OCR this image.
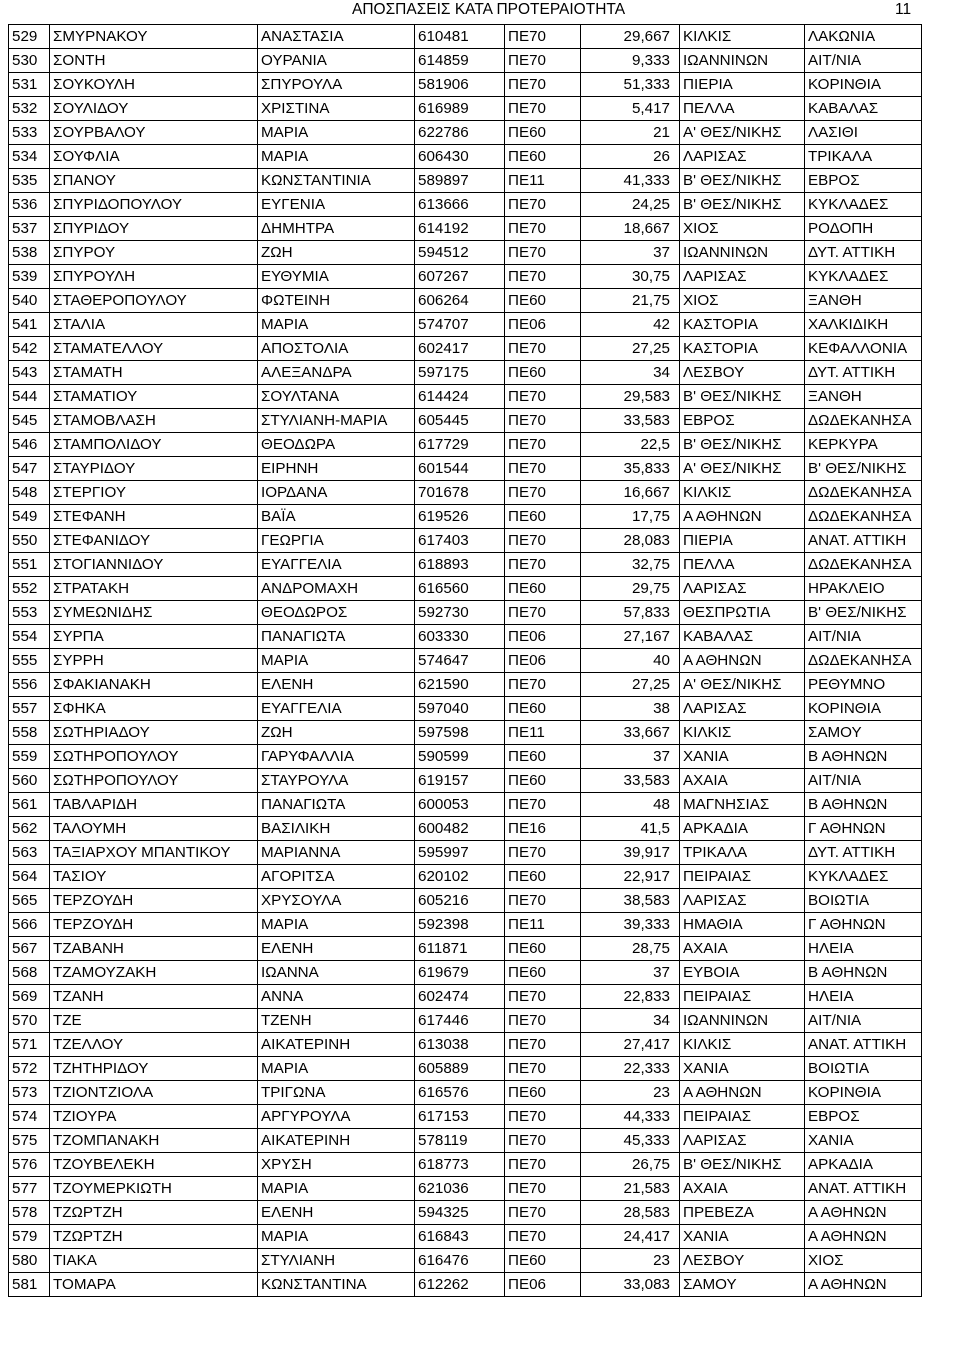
ΑΠΟΣΠΑΣΕΙΣ ΚΑΤΑ ΠΡΟΤΕΡΑΙΟΤΗΤΑ	11
529	ΣΜΥΡΝΑΚΟΥ	ΑΝΑΣΤΑΣΙΑ	610481	ΠΕ70	29,667	ΚΙΛΚΙΣ	ΛΑΚΩΝΙΑ
530	ΣΟΝΤΗ	ΟΥΡΑΝΙΑ	614859	ΠΕ70	9,333	ΙΩΑΝΝΙΝΩΝ	ΑΙΤ/ΝΙΑ
531	ΣΟΥΚΟΥΛΗ	ΣΠΥΡΟΥΛΑ	581906	ΠΕ70	51,333	ΠΙΕΡΙΑ	ΚΟΡΙΝΘΙΑ
532	ΣΟΥΛΙΔΟΥ	ΧΡΙΣΤΙΝΑ	616989	ΠΕ70	5,417	ΠΕΛΛΑ	ΚΑΒΑΛΑΣ
533	ΣΟΥΡΒΑΛΟΥ	ΜΑΡΙΑ	622786	ΠΕ60	21	Α' ΘΕΣ/ΝΙΚΗΣ	ΛΑΣΙΘΙ
534	ΣΟΥΦΛΙΑ	ΜΑΡΙΑ	606430	ΠΕ60	26	ΛΑΡΙΣΑΣ	ΤΡΙΚΑΛΑ
535	ΣΠΑΝΟΥ	ΚΩΝΣΤΑΝΤΙΝΙΑ	589897	ΠΕ11	41,333	Β' ΘΕΣ/ΝΙΚΗΣ	ΕΒΡΟΣ
536	ΣΠΥΡΙΔΟΠΟΥΛΟΥ	ΕΥΓΕΝΙΑ	613666	ΠΕ70	24,25	Β' ΘΕΣ/ΝΙΚΗΣ	ΚΥΚΛΑΔΕΣ
537	ΣΠΥΡΙΔΟΥ	ΔΗΜΗΤΡΑ	614192	ΠΕ70	18,667	ΧΙΟΣ	ΡΟΔΟΠΗ
538	ΣΠΥΡΟΥ	ΖΩΗ	594512	ΠΕ70	37	ΙΩΑΝΝΙΝΩΝ	ΔΥΤ. ΑΤΤΙΚΗ
539	ΣΠΥΡΟΥΛΗ	ΕΥΘΥΜΙΑ	607267	ΠΕ70	30,75	ΛΑΡΙΣΑΣ	ΚΥΚΛΑΔΕΣ
540	ΣΤΑΘΕΡΟΠΟΥΛΟΥ	ΦΩΤΕΙΝΗ	606264	ΠΕ60	21,75	ΧΙΟΣ	ΞΑΝΘΗ
541	ΣΤΑΛΙΑ	ΜΑΡΙΑ	574707	ΠΕ06	42	ΚΑΣΤΟΡΙΑ	ΧΑΛΚΙΔΙΚΗ
542	ΣΤΑΜΑΤΕΛΛΟΥ	ΑΠΟΣΤΟΛΙΑ	602417	ΠΕ70	27,25	ΚΑΣΤΟΡΙΑ	ΚΕΦΑΛΛΟΝΙΑ
543	ΣΤΑΜΑΤΗ	ΑΛΕΞΑΝΔΡΑ	597175	ΠΕ60	34	ΛΕΣΒΟΥ	ΔΥΤ. ΑΤΤΙΚΗ
544	ΣΤΑΜΑΤΙΟΥ	ΣΟΥΛΤΑΝΑ	614424	ΠΕ70	29,583	Β' ΘΕΣ/ΝΙΚΗΣ	ΞΑΝΘΗ
545	ΣΤΑΜΟΒΛΑΣΗ	ΣΤΥΛΙΑΝΗ-ΜΑΡΙΑ	605445	ΠΕ70	33,583	ΕΒΡΟΣ	ΔΩΔΕΚΑΝΗΣΑ
546	ΣΤΑΜΠΟΛΙΔΟΥ	ΘΕΟΔΩΡΑ	617729	ΠΕ70	22,5	Β' ΘΕΣ/ΝΙΚΗΣ	ΚΕΡΚΥΡΑ
547	ΣΤΑΥΡΙΔΟΥ	ΕΙΡΗΝΗ	601544	ΠΕ70	35,833	Α' ΘΕΣ/ΝΙΚΗΣ	Β' ΘΕΣ/ΝΙΚΗΣ
548	ΣΤΕΡΓΙΟΥ	ΙΟΡΔΑΝΑ	701678	ΠΕ70	16,667	ΚΙΛΚΙΣ	ΔΩΔΕΚΑΝΗΣΑ
549	ΣΤΕΦΑΝΗ	ΒΑΪΑ	619526	ΠΕ60	17,75	Α ΑΘΗΝΩΝ	ΔΩΔΕΚΑΝΗΣΑ
550	ΣΤΕΦΑΝΙΔΟΥ	ΓΕΩΡΓΙΑ	617403	ΠΕ70	28,083	ΠΙΕΡΙΑ	ΑΝΑΤ. ΑΤΤΙΚΗ
551	ΣΤΟΓΙΑΝΝΙΔΟΥ	ΕΥΑΓΓΕΛΙΑ	618893	ΠΕ70	32,75	ΠΕΛΛΑ	ΔΩΔΕΚΑΝΗΣΑ
552	ΣΤΡΑΤΑΚΗ	ΑΝΔΡΟΜΑΧΗ	616560	ΠΕ60	29,75	ΛΑΡΙΣΑΣ	ΗΡΑΚΛΕΙΟ
553	ΣΥΜΕΩΝΙΔΗΣ	ΘΕΟΔΩΡΟΣ	592730	ΠΕ70	57,833	ΘΕΣΠΡΩΤΙΑ	Β' ΘΕΣ/ΝΙΚΗΣ
554	ΣΥΡΠΑ	ΠΑΝΑΓΙΩΤΑ	603330	ΠΕ06	27,167	ΚΑΒΑΛΑΣ	ΑΙΤ/ΝΙΑ
555	ΣΥΡΡΗ	ΜΑΡΙΑ	574647	ΠΕ06	40	Α ΑΘΗΝΩΝ	ΔΩΔΕΚΑΝΗΣΑ
556	ΣΦΑΚΙΑΝΑΚΗ	ΕΛΕΝΗ	621590	ΠΕ70	27,25	Α' ΘΕΣ/ΝΙΚΗΣ	ΡΕΘΥΜΝΟ
557	ΣΦΗΚΑ	ΕΥΑΓΓΕΛΙΑ	597040	ΠΕ60	38	ΛΑΡΙΣΑΣ	ΚΟΡΙΝΘΙΑ
558	ΣΩΤΗΡΙΑΔΟΥ	ΖΩΗ	597598	ΠΕ11	33,667	ΚΙΛΚΙΣ	ΣΑΜΟΥ
559	ΣΩΤΗΡΟΠΟΥΛΟΥ	ΓΑΡΥΦΑΛΛΙΑ	590599	ΠΕ60	37	ΧΑΝΙΑ	Β ΑΘΗΝΩΝ
560	ΣΩΤΗΡΟΠΟΥΛΟΥ	ΣΤΑΥΡΟΥΛΑ	619157	ΠΕ60	33,583	ΑΧΑΙΑ	ΑΙΤ/ΝΙΑ
561	ΤΑΒΛΑΡΙΔΗ	ΠΑΝΑΓΙΩΤΑ	600053	ΠΕ70	48	ΜΑΓΝΗΣΙΑΣ	Β ΑΘΗΝΩΝ
562	ΤΑΛΟΥΜΗ	ΒΑΣΙΛΙΚΗ	600482	ΠΕ16	41,5	ΑΡΚΑΔΙΑ	Γ ΑΘΗΝΩΝ
563	ΤΑΞΙΑΡΧΟΥ ΜΠΑΝΤΙΚΟΥ	ΜΑΡΙΑΝΝΑ	595997	ΠΕ70	39,917	ΤΡΙΚΑΛΑ	ΔΥΤ. ΑΤΤΙΚΗ
564	ΤΑΣΙΟΥ	ΑΓΟΡΙΤΣΑ	620102	ΠΕ60	22,917	ΠΕΙΡΑΙΑΣ	ΚΥΚΛΑΔΕΣ
565	ΤΕΡΖΟΥΔΗ	ΧΡΥΣΟΥΛΑ	605216	ΠΕ70	38,583	ΛΑΡΙΣΑΣ	ΒΟΙΩΤΙΑ
566	ΤΕΡΖΟΥΔΗ	ΜΑΡΙΑ	592398	ΠΕ11	39,333	ΗΜΑΘΙΑ	Γ ΑΘΗΝΩΝ
567	ΤΖΑΒΑΝΗ	ΕΛΕΝΗ	611871	ΠΕ60	28,75	ΑΧΑΙΑ	ΗΛΕΙΑ
568	ΤΖΑΜΟΥΖΑΚΗ	ΙΩΑΝΝΑ	619679	ΠΕ60	37	ΕΥΒΟΙΑ	Β ΑΘΗΝΩΝ
569	ΤΖΑΝΗ	ΑΝΝΑ	602474	ΠΕ70	22,833	ΠΕΙΡΑΙΑΣ	ΗΛΕΙΑ
570	ΤΖΕ	ΤΖΕΝΗ	617446	ΠΕ70	34	ΙΩΑΝΝΙΝΩΝ	ΑΙΤ/ΝΙΑ
571	ΤΖΕΛΛΟΥ	ΑΙΚΑΤΕΡΙΝΗ	613038	ΠΕ70	27,417	ΚΙΛΚΙΣ	ΑΝΑΤ. ΑΤΤΙΚΗ
572	ΤΖΗΤΗΡΙΔΟΥ	ΜΑΡΙΑ	605889	ΠΕ70	22,333	ΧΑΝΙΑ	ΒΟΙΩΤΙΑ
573	ΤΖΙΟΝΤΖΙΟΛΑ	ΤΡΙΓΩΝΑ	616576	ΠΕ60	23	Α ΑΘΗΝΩΝ	ΚΟΡΙΝΘΙΑ
574	ΤΖΙΟΥΡΑ	ΑΡΓΥΡΟΥΛΑ	617153	ΠΕ70	44,333	ΠΕΙΡΑΙΑΣ	ΕΒΡΟΣ
575	ΤΖΟΜΠΑΝΑΚΗ	ΑΙΚΑΤΕΡΙΝΗ	578119	ΠΕ70	45,333	ΛΑΡΙΣΑΣ	ΧΑΝΙΑ
576	ΤΖΟΥΒΕΛΕΚΗ	ΧΡΥΣΗ	618773	ΠΕ70	26,75	Β' ΘΕΣ/ΝΙΚΗΣ	ΑΡΚΑΔΙΑ
577	ΤΖΟΥΜΕΡΚΙΩΤΗ	ΜΑΡΙΑ	621036	ΠΕ70	21,583	ΑΧΑΙΑ	ΑΝΑΤ. ΑΤΤΙΚΗ
578	ΤΖΩΡΤΖΗ	ΕΛΕΝΗ	594325	ΠΕ70	28,583	ΠΡΕΒΕΖΑ	Α ΑΘΗΝΩΝ
579	ΤΖΩΡΤΖΗ	ΜΑΡΙΑ	616843	ΠΕ70	24,417	ΧΑΝΙΑ	Α ΑΘΗΝΩΝ
580	ΤΙΑΚΑ	ΣΤΥΛΙΑΝΗ	616476	ΠΕ60	23	ΛΕΣΒΟΥ	ΧΙΟΣ
581	ΤΟΜΑΡΑ	ΚΩΝΣΤΑΝΤΙΝΑ	612262	ΠΕ06	33,083	ΣΑΜΟΥ	Α ΑΘΗΝΩΝ
